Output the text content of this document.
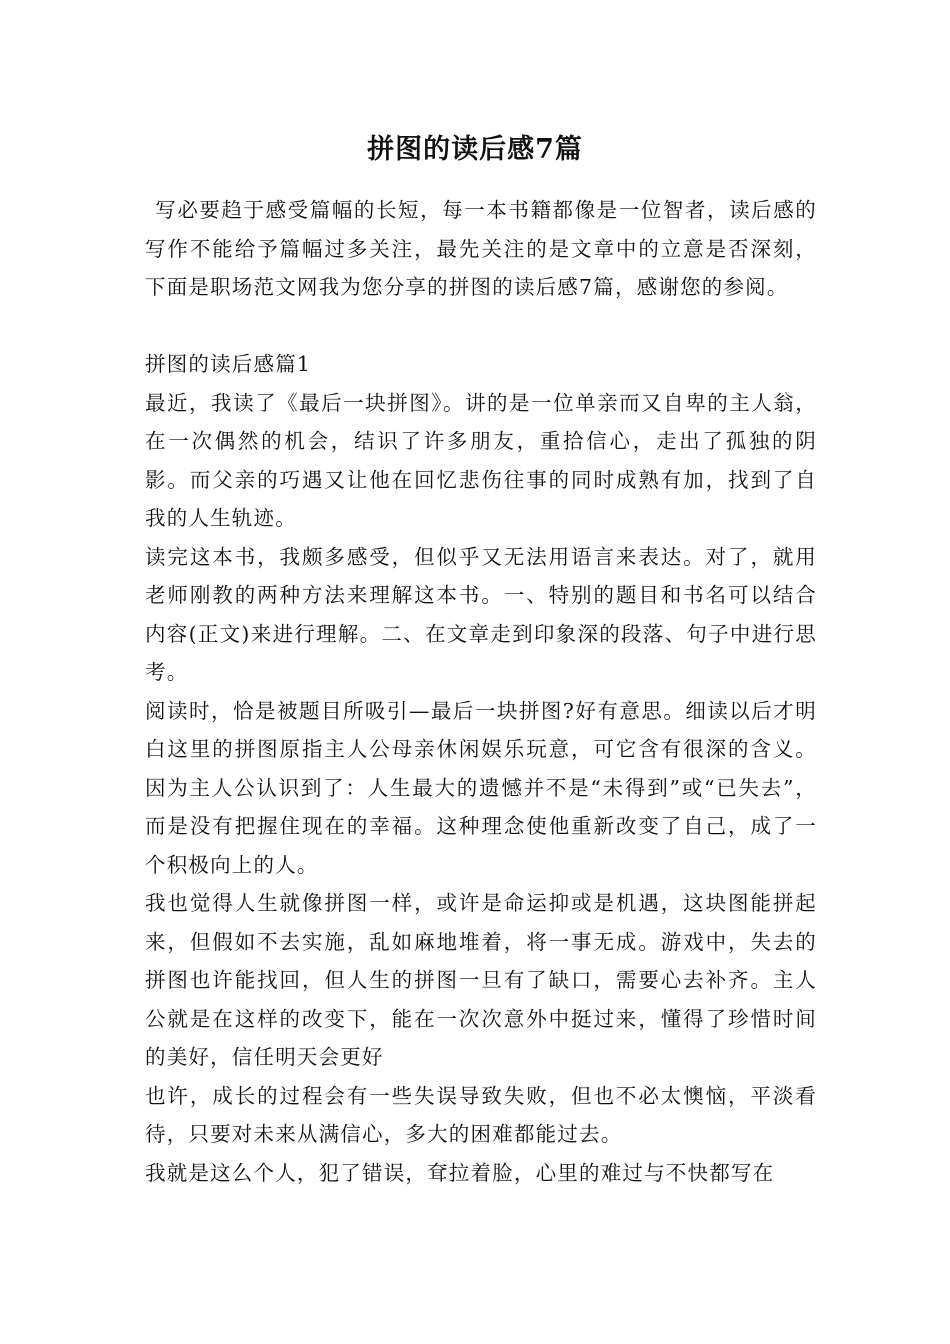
拼图的读后感7篇

写必要趋于感受篇幅的长短，每一本书籍都像是一位智者，读后感的写作不能给予篇幅过多关注，最先关注的是文章中的立意是否深刻，下面是职场范文网我为您分享的拼图的读后感7篇，感谢您的参阅。

拼图的读后感篇1

最近，我读了《最后一块拼图》。讲的是一位单亲而又自卑的主人翁，在一次偶然的机会，结识了许多朋友，重拾信心，走出了孤独的阴影。而父亲的巧遇又让他在回忆悲伤往事的同时成熟有加，找到了自我的人生轨迹。

读完这本书，我颇多感受，但似乎又无法用语言来表达。对了，就用老师刚教的两种方法来理解这本书。一、特别的题目和书名可以结合内容(正文)来进行理解。二、在文章走到印象深的段落、句子中进行思考。

阅读时，恰是被题目所吸引—最后一块拼图?好有意思。细读以后才明白这里的拼图原指主人公母亲休闲娱乐玩意，可它含有很深的含义。因为主人公认识到了：人生最大的遗憾并不是“未得到”或“已失去”，而是没有把握住现在的幸福。这种理念使他重新改变了自己，成了一个积极向上的人。

我也觉得人生就像拼图一样，或许是命运抑或是机遇，这块图能拼起来，但假如不去实施，乱如麻地堆着，将一事无成。游戏中，失去的拼图也许能找回，但人生的拼图一旦有了缺口，需要心去补齐。主人公就是在这样的改变下，能在一次次意外中挺过来，懂得了珍惜时间的美好，信任明天会更好

也许，成长的过程会有一些失误导致失败，但也不必太懊恼，平淡看待，只要对未来从满信心，多大的困难都能过去。

我就是这么个人，犯了错误，耷拉着脸，心里的难过与不快都写在
